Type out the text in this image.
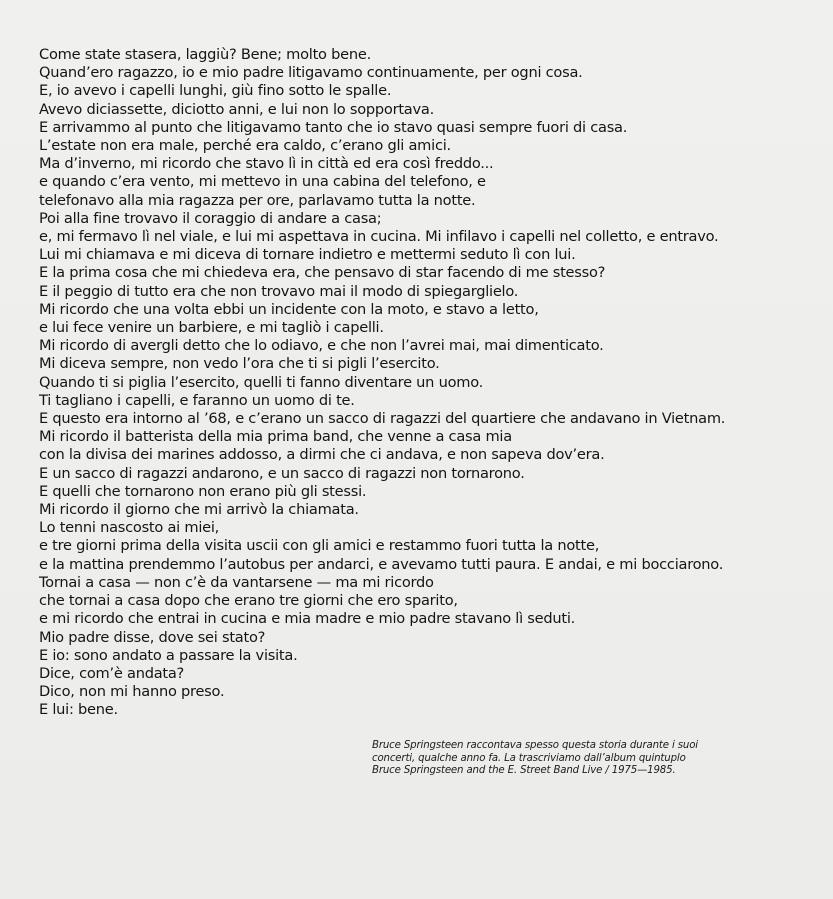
Come state stasera, laggiù? Bene; molto bene.
Quand’ero ragazzo, io e mio padre litigavamo continuamente, per ogni cosa.
E, io avevo i capelli lunghi, giù fino sotto le spalle.
Avevo diciassette, diciotto anni, e lui non lo sopportava.
E arrivammo al punto che litigavamo tanto che io stavo quasi sempre fuori di casa.
L’estate non era male, perché era caldo, c’erano gli amici.
Ma d’inverno, mi ricordo che stavo lì in città ed era così freddo...
e quando c’era vento, mi mettevo in una cabina del telefono, e
telefonavo alla mia ragazza per ore, parlavamo tutta la notte.
Poi alla fine trovavo il coraggio di andare a casa;
e, mi fermavo lì nel viale, e lui mi aspettava in cucina. Mi infilavo i capelli nel colletto, e entravo.
Lui mi chiamava e mi diceva di tornare indietro e mettermi seduto lì con lui.
E la prima cosa che mi chiedeva era, che pensavo di star facendo di me stesso?
E il peggio di tutto era che non trovavo mai il modo di spiegarglielo.
Mi ricordo che una volta ebbi un incidente con la moto, e stavo a letto,
e lui fece venire un barbiere, e mi tagliò i capelli.
Mi ricordo di avergli detto che lo odiavo, e che non l’avrei mai, mai dimenticato.
Mi diceva sempre, non vedo l’ora che ti si pigli l’esercito.
Quando ti si piglia l’esercito, quelli ti fanno diventare un uomo.
Ti tagliano i capelli, e faranno un uomo di te.
E questo era intorno al ’68, e c’erano un sacco di ragazzi del quartiere che andavano in Vietnam.
Mi ricordo il batterista della mia prima band, che venne a casa mia
con la divisa dei marines addosso, a dirmi che ci andava, e non sapeva dov’era.
E un sacco di ragazzi andarono, e un sacco di ragazzi non tornarono.
E quelli che tornarono non erano più gli stessi.
Mi ricordo il giorno che mi arrivò la chiamata.
Lo tenni nascosto ai miei,
e tre giorni prima della visita uscii con gli amici e restammo fuori tutta la notte,
e la mattina prendemmo l’autobus per andarci, e avevamo tutti paura. E andai, e mi bocciarono.
Tornai a casa — non c’è da vantarsene — ma mi ricordo
che tornai a casa dopo che erano tre giorni che ero sparito,
e mi ricordo che entrai in cucina e mia madre e mio padre stavano lì seduti.
Mio padre disse, dove sei stato?
E io: sono andato a passare la visita.
Dice, com’è andata?
Dico, non mi hanno preso.
E lui: bene.
Bruce Springsteen raccontava spesso questa storia durante i suoi
concerti, qualche anno fa. La trascriviamo dall’album quintuplo
Bruce Springsteen and the E. Street Band Live / 1975—1985.
